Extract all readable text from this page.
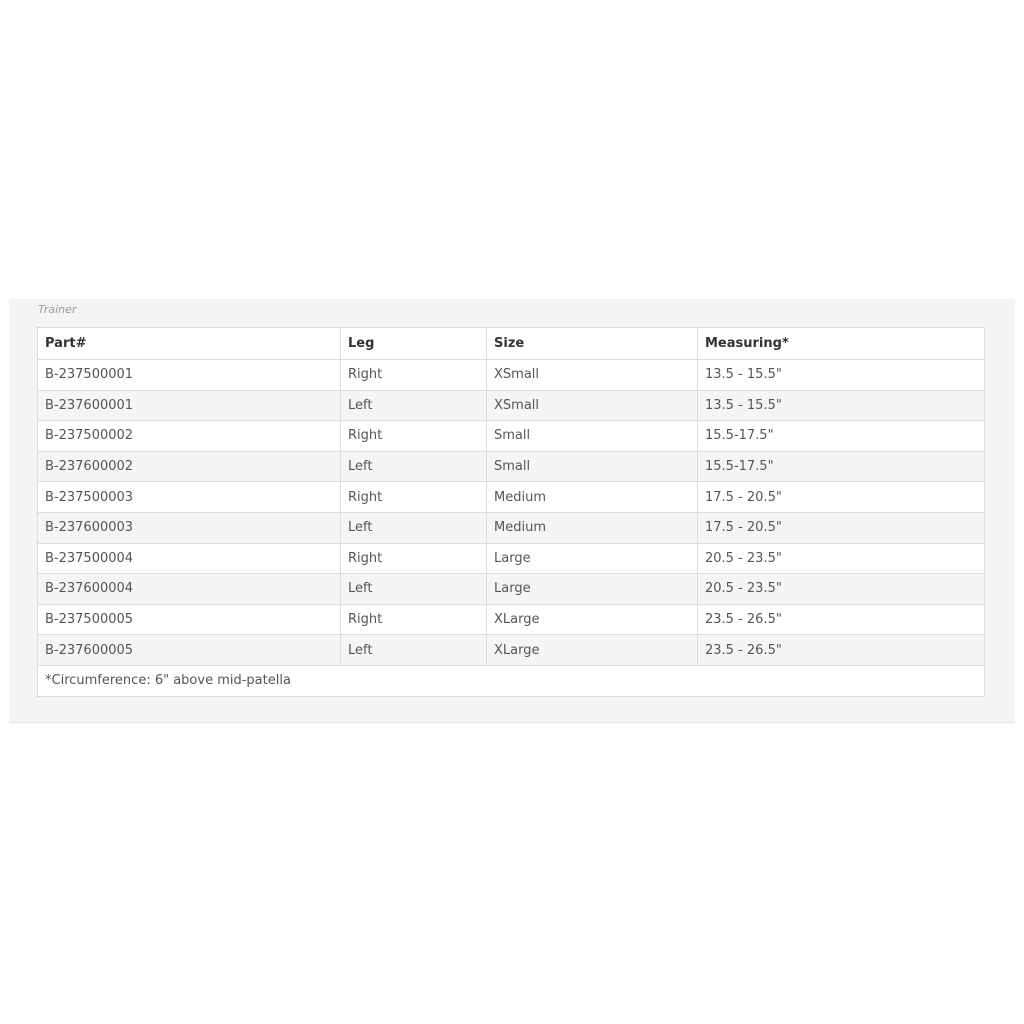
Trainer
Part#	Leg	Size	Measuring*
B-237500001	Right	XSmall	13.5 - 15.5"
B-237600001	Left	XSmall	13.5 - 15.5"
B-237500002	Right	Small	15.5-17.5"
B-237600002	Left	Small	15.5-17.5"
B-237500003	Right	Medium	17.5 - 20.5"
B-237600003	Left	Medium	17.5 - 20.5"
B-237500004	Right	Large	20.5 - 23.5"
B-237600004	Left	Large	20.5 - 23.5"
B-237500005	Right	XLarge	23.5 - 26.5"
B-237600005	Left	XLarge	23.5 - 26.5"
*Circumference: 6" above mid-patella			
